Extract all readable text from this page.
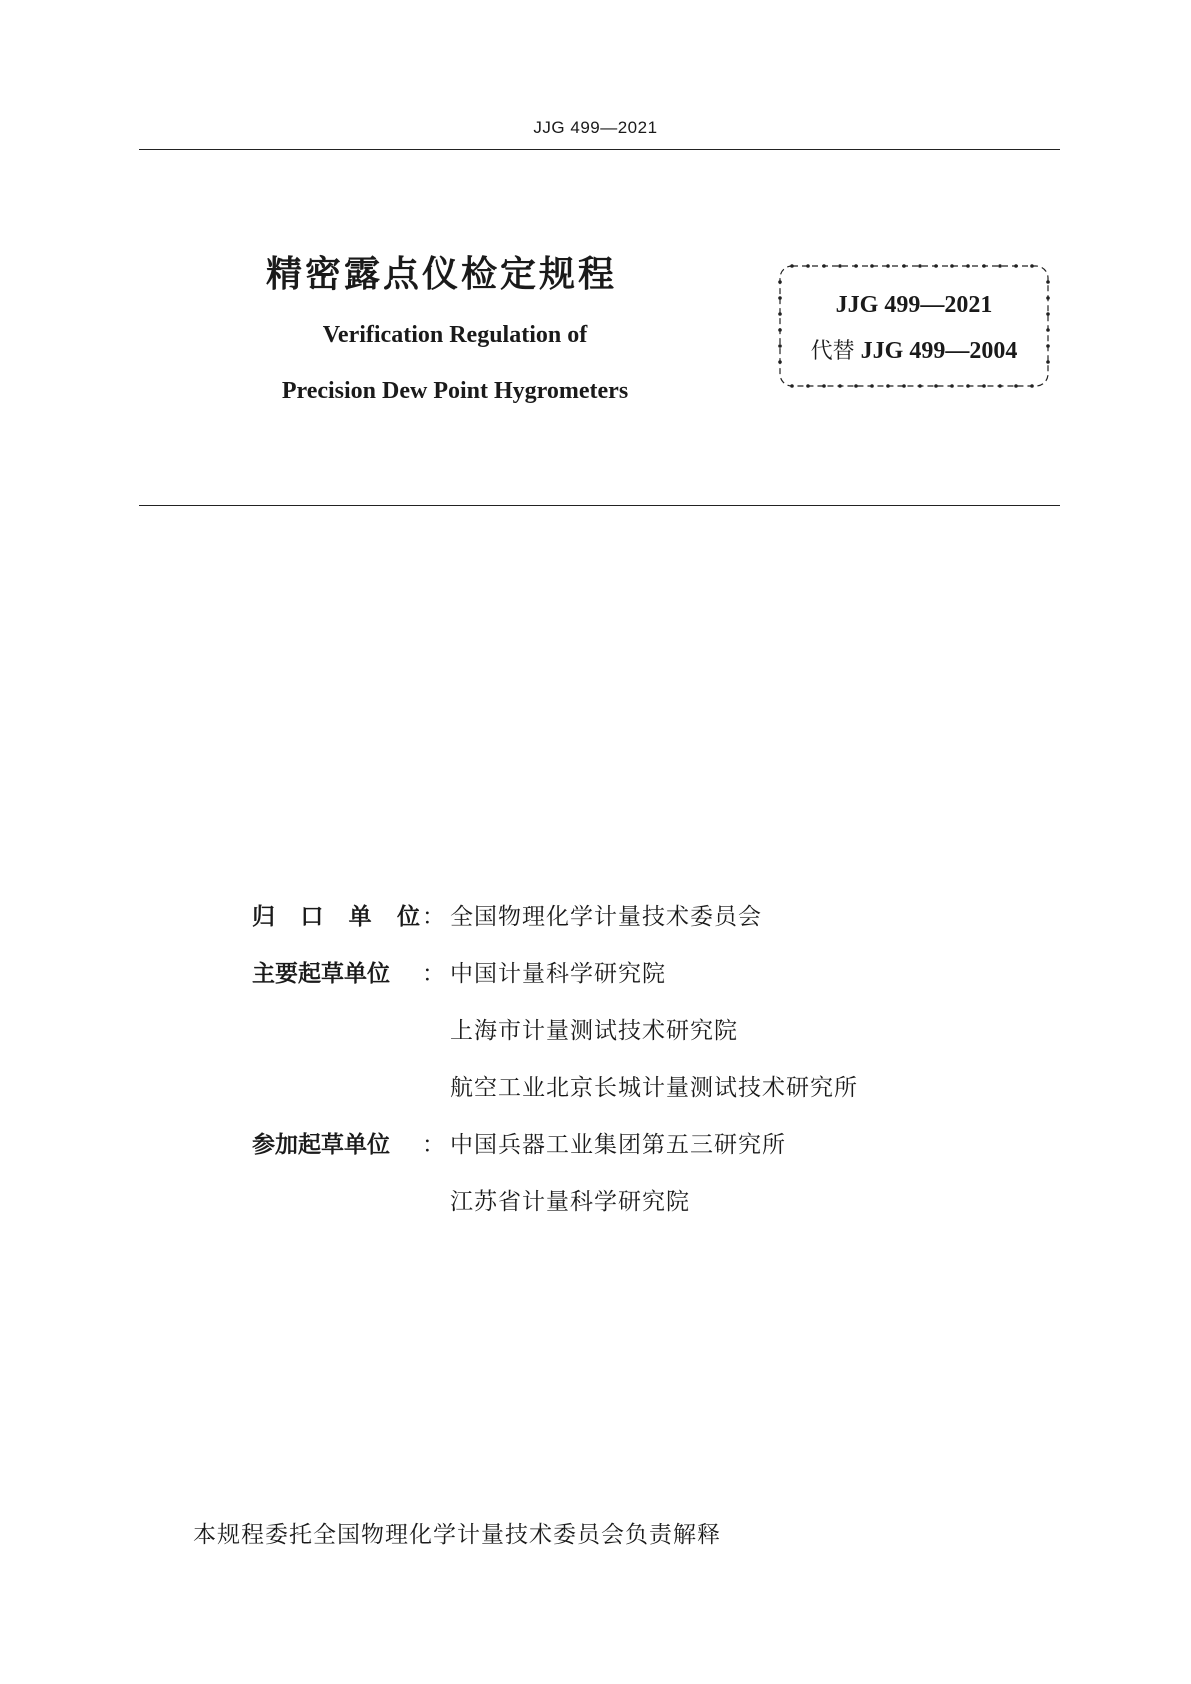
JJG 499—2021
精密露点仪检定规程
Verification Regulation of
Precision Dew Point Hygrometers
JJG 499—2021
代替 JJG 499—2004
归 口 单 位 ： 全国物理化学计量技术委员会
主要起草单位	： 中国计量科学研究院
上海市计量测试技术研究院
航空工业北京长城计量测试技术研究所
参加起草单位	： 中国兵器工业集团第五三研究所
江苏省计量科学研究院
本规程委托全国物理化学计量技术委员会负责解释
